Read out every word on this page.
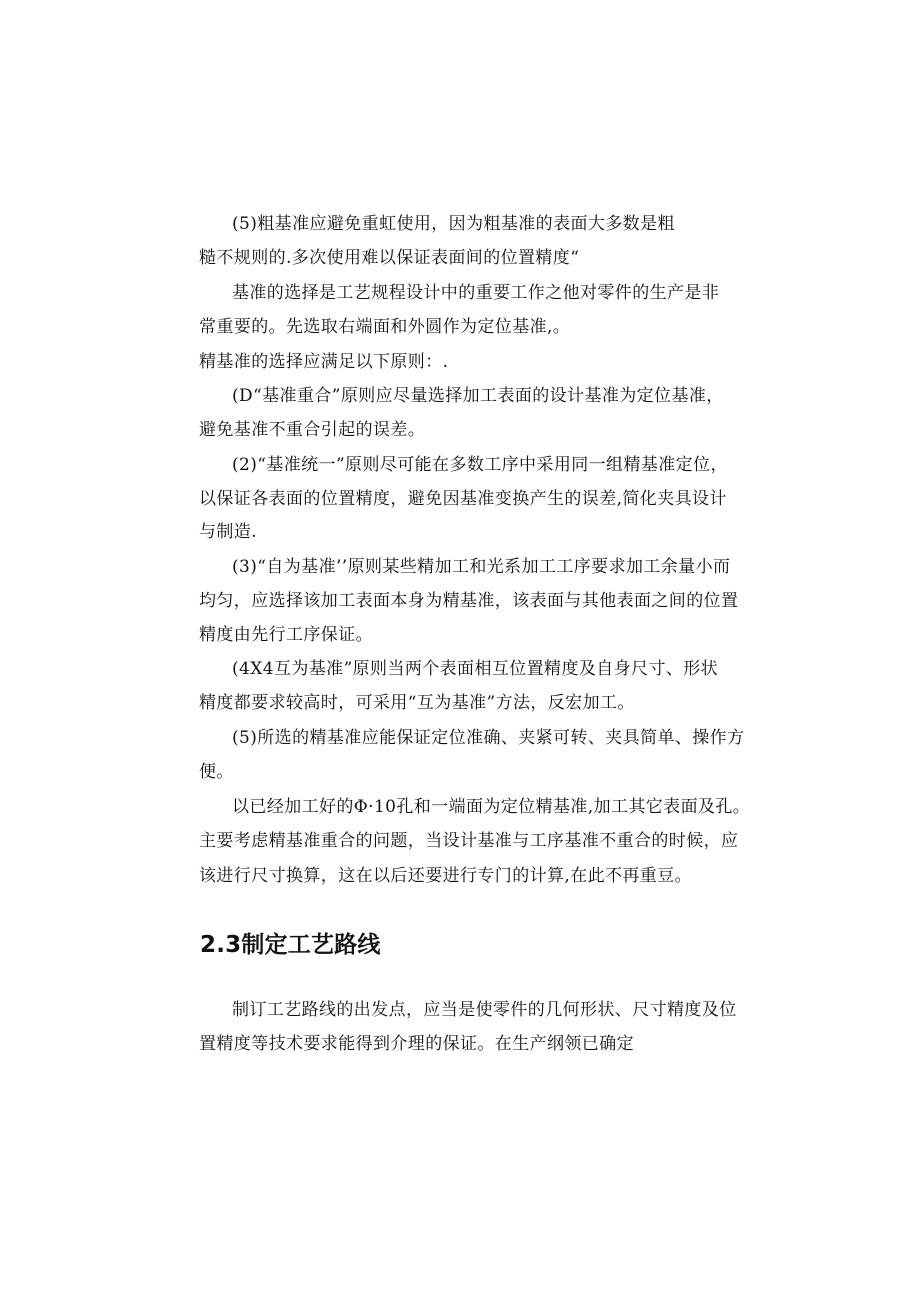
(5)粗基准应避免重虹使用，因为粗基准的表面大多数是粗
糙不规则的.多次使用难以保证表面间的位置精度“
基准的选择是工艺规程设计中的重要工作之他对零件的生产是非
常重要的。先选取右端面和外圆作为定位基准,。
精基准的选择应满足以下原则：.
(D“基准重合”原则应尽量选择加工表面的设计基准为定位基准，
避免基准不重合引起的误差。
(2)“基准统一”原则尽可能在多数工序中采用同一组精基准定位，
以保证各表面的位置精度，避免因基准变换产生的误差,简化夹具设计
与制造.
(3)“自为基准’’原则某些精加工和光系加工工序要求加工余量小而
均匀，应选择该加工表面本身为精基准，该表面与其他表面之间的位置
精度由先行工序保证。
(4X4互为基准”原则当两个表面相互位置精度及自身尺寸、形状
精度都要求较高时，可采用“互为基准”方法，反宏加工。
(5)所选的精基准应能保证定位准确、夹紧可转、夹具简单、操作方
便。
以已经加工好的Φ·10孔和一端面为定位精基准,加工其它表面及孔。
主要考虑精基准重合的问题，当设计基准与工序基准不重合的时候，应
该进行尺寸换算，这在以后还要进行专门的计算,在此不再重豆。
2.3制定工艺路线
制订工艺路线的出发点，应当是使零件的几何形状、尺寸精度及位
置精度等技术要求能得到介理的保证。在生产纲领已确定
